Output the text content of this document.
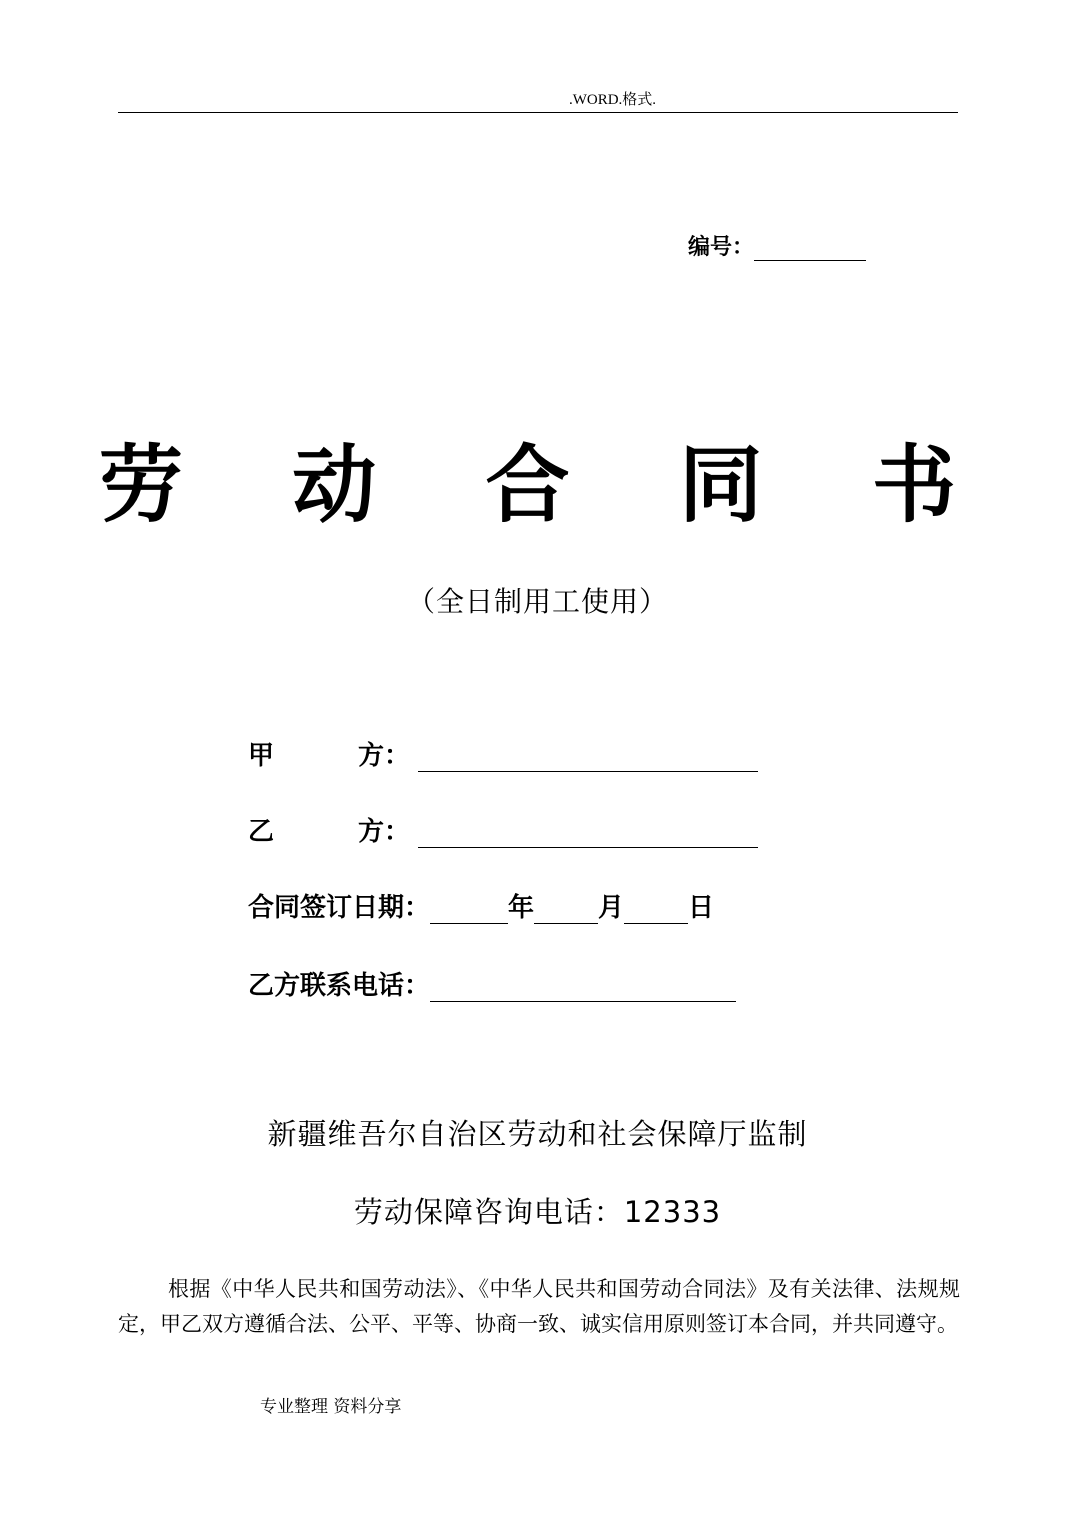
.WORD.格式.
编号：
劳 动 合 同 书
（全日制用工使用）
甲	方：
乙	方：
合同签订日期：	年 月 日
乙方联系电话：
新疆维吾尔自治区劳动和社会保障厅监制
劳动保障咨询电话：12333
根据《中华人民共和国劳动法》、《中华人民共和国劳动合同法》及有关法律、法规规定，甲乙双方遵循合法、公平、平等、协商一致、诚实信用原则签订本合同，并共同遵守。
专业整理 资料分享
